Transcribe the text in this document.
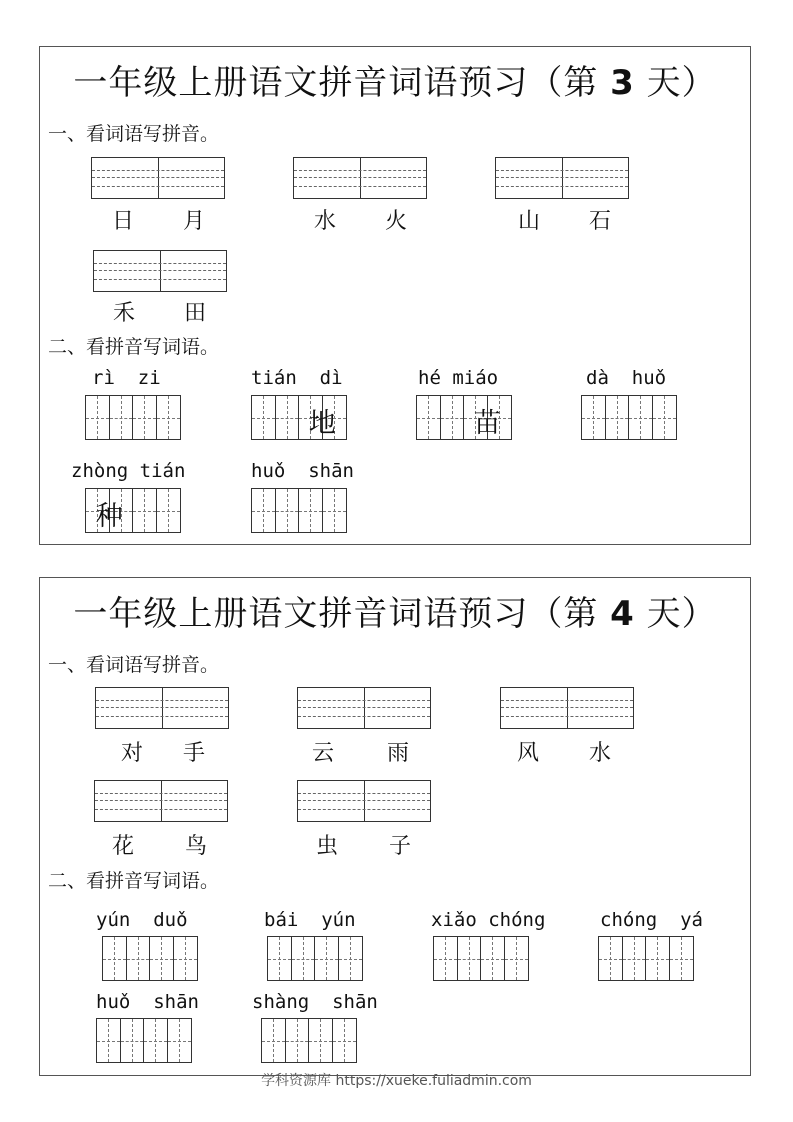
一年级上册语文拼音词语预习（第 3 天）
一、看词语写拼音。
日 月	水 火	山 石
禾 田
二、看拼音写词语。
rì  zi	tián  dì
地
hé miáo
苗
dà  huǒ
zhòng tián
种
huǒ  shān
一年级上册语文拼音词语预习（第 4 天）
一、看词语写拼音。
对 手	云 雨	风 水
花 鸟	虫 子
二、看拼音写词语。
yún  duǒ	bái  yún	xiǎo chóng	chóng  yá
huǒ  shān	shàng  shān
学科资源库 https://xueke.fuliadmin.com
